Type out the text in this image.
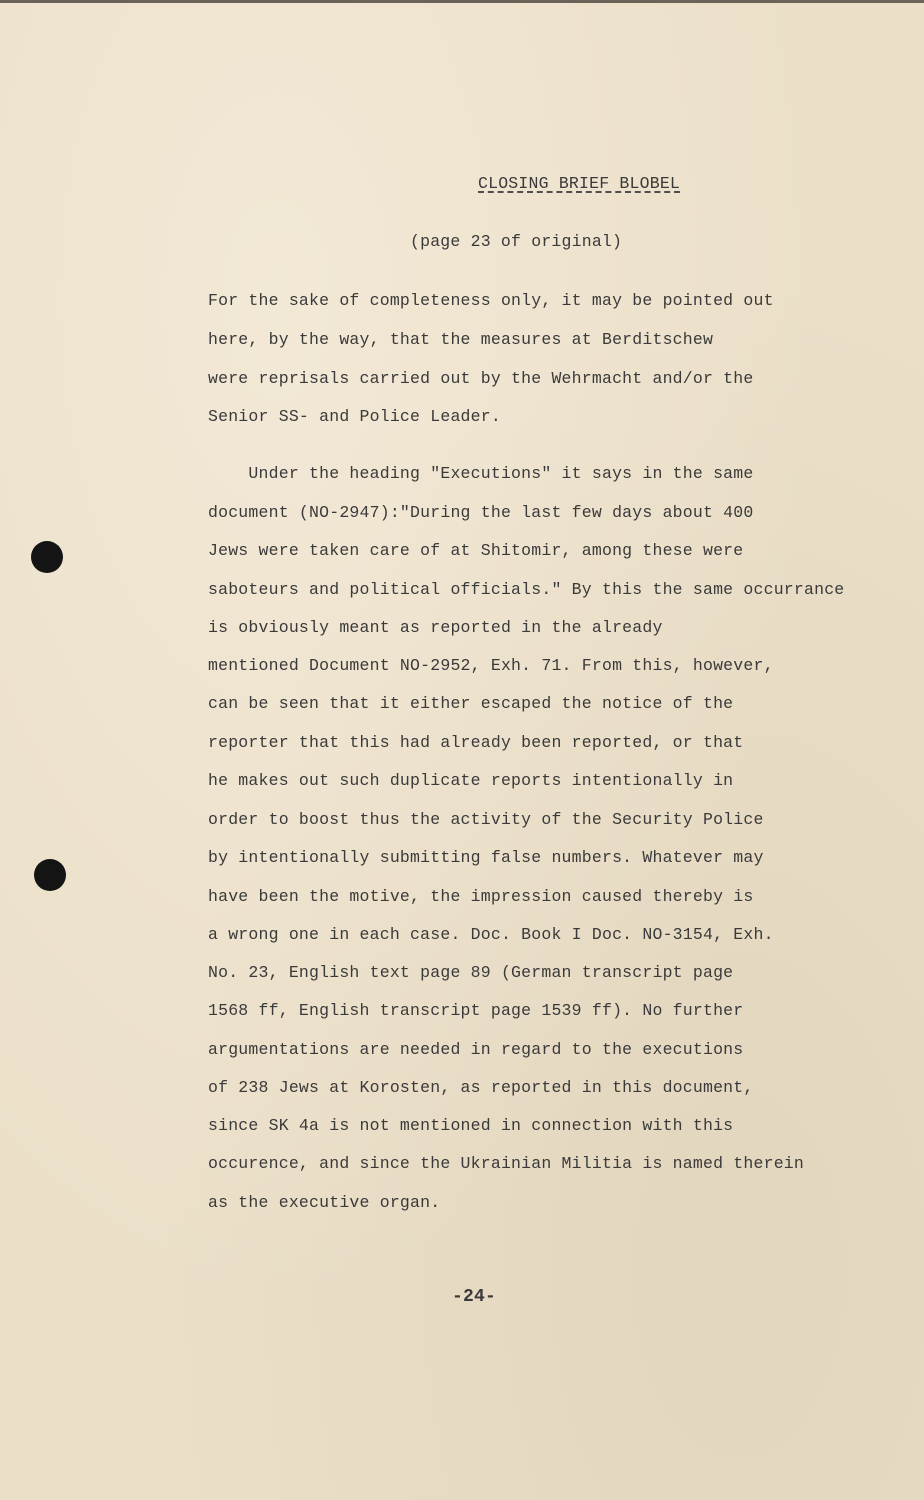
CLOSING BRIEF BLOBEL
(page 23 of original)
For the sake of completeness only, it may be pointed out
here, by the way, that the measures at Berditschew
were reprisals carried out by the Wehrmacht and/or the
Senior SS- and Police Leader.
Under the heading "Executions" it says in the same
document (NO-2947):"During the last few days about 400
Jews were taken care of at Shitomir, among these were
saboteurs and political officials." By this the same occurrance
is obviously meant as reported in the already
mentioned Document NO-2952, Exh. 71. From this, however,
can be seen that it either escaped the notice of the
reporter that this had already been reported, or that
he makes out such duplicate reports intentionally in
order to boost thus the activity of the Security Police
by intentionally submitting false numbers. Whatever may
have been the motive, the impression caused thereby is
a wrong one in each case. Doc. Book I Doc. NO-3154, Exh.
No. 23, English text page 89 (German transcript page
1568 ff, English transcript page 1539 ff). No further
argumentations are needed in regard to the executions
of 238 Jews at Korosten, as reported in this document,
since SK 4a is not mentioned in connection with this
occurence, and since the Ukrainian Militia is named therein
as the executive organ.
-24-
